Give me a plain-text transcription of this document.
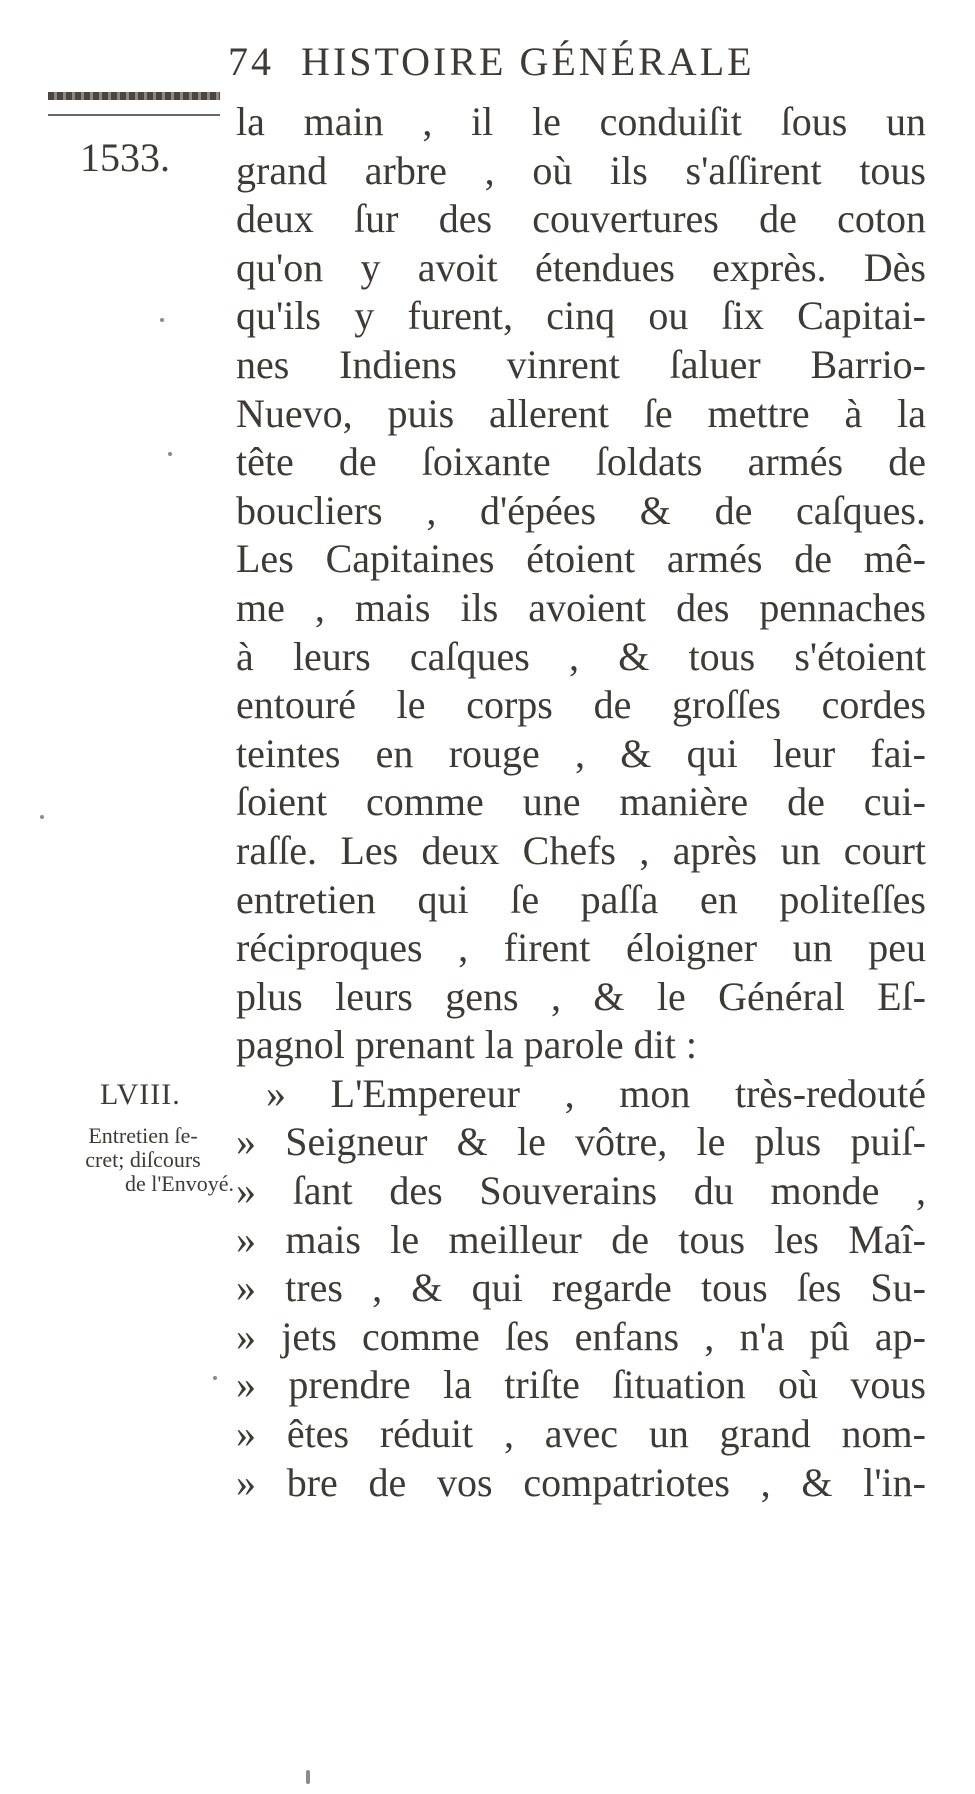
74 HISTOIRE GÉNÉRALE
1533.
la main , il le conduiſit ſous un
grand arbre , où ils s'aſſirent tous
deux ſur des couvertures de coton
qu'on y avoit étendues exprès. Dès
qu'ils y furent, cinq ou ſix Capitai-
nes Indiens vinrent ſaluer Barrio-
Nuevo, puis allerent ſe mettre à la
tête de ſoixante ſoldats armés de
boucliers , d'épées & de caſques.
Les Capitaines étoient armés de mê-
me , mais ils avoient des pennaches
à leurs caſques , & tous s'étoient
entouré le corps de groſſes cordes
teintes en rouge , & qui leur fai-
ſoient comme une manière de cui-
raſſe. Les deux Chefs , après un court
entretien qui ſe paſſa en politeſſes
réciproques , firent éloigner un peu
plus leurs gens , & le Général Eſ-
pagnol prenant la parole dit :
» L'Empereur , mon très-redouté
» Seigneur & le vôtre, le plus puiſ-
» ſant des Souverains du monde ,
» mais le meilleur de tous les Maî-
» tres , & qui regarde tous ſes Su-
» jets comme ſes enfans , n'a pû ap-
» prendre la triſte ſituation où vous
» êtes réduit , avec un grand nom-
» bre de vos compatriotes , & l'in-
LVIII.
Entretien ſe-
cret; diſcours
de l'Envoyé.
